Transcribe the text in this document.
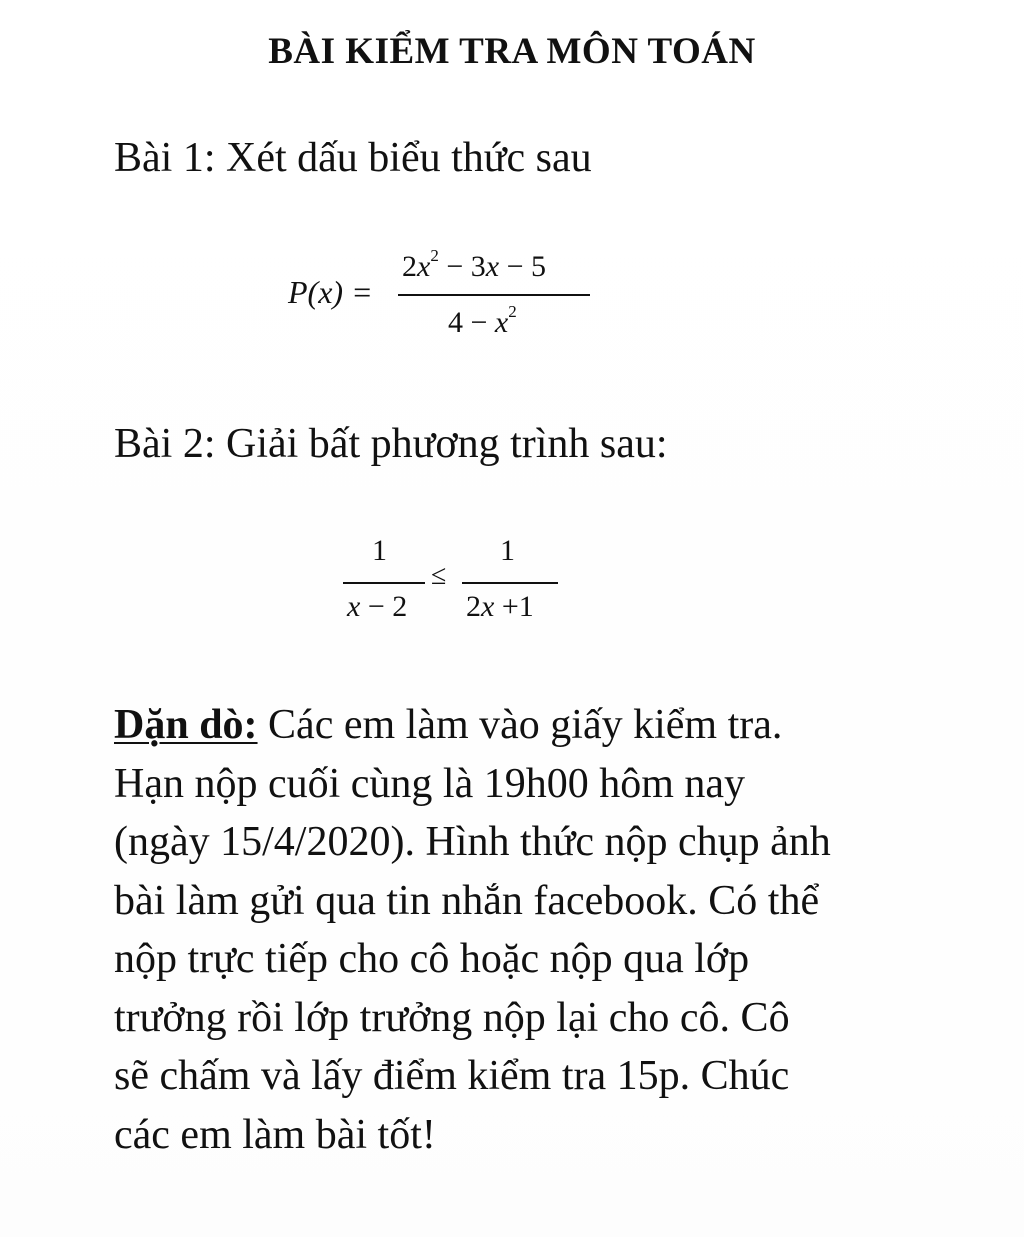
BÀI KIỂM TRA MÔN TOÁN
Bài 1: Xét dấu biểu thức sau
P(x) =
$2x^2 - 3x - 5$
$4 - x^2$
Bài 2: Giải bất phương trình sau:
1
x − 2
≤
1
2x +1
Dặn dò: Các em làm vào giấy kiểm tra.
Hạn nộp cuối cùng là 19h00 hôm nay
(ngày 15/4/2020). Hình thức nộp chụp ảnh
bài làm gửi qua tin nhắn facebook. Có thể
nộp trực tiếp cho cô hoặc nộp qua lớp
trưởng rồi lớp trưởng nộp lại cho cô. Cô
sẽ chấm và lấy điểm kiểm tra 15p. Chúc
các em làm bài tốt!
